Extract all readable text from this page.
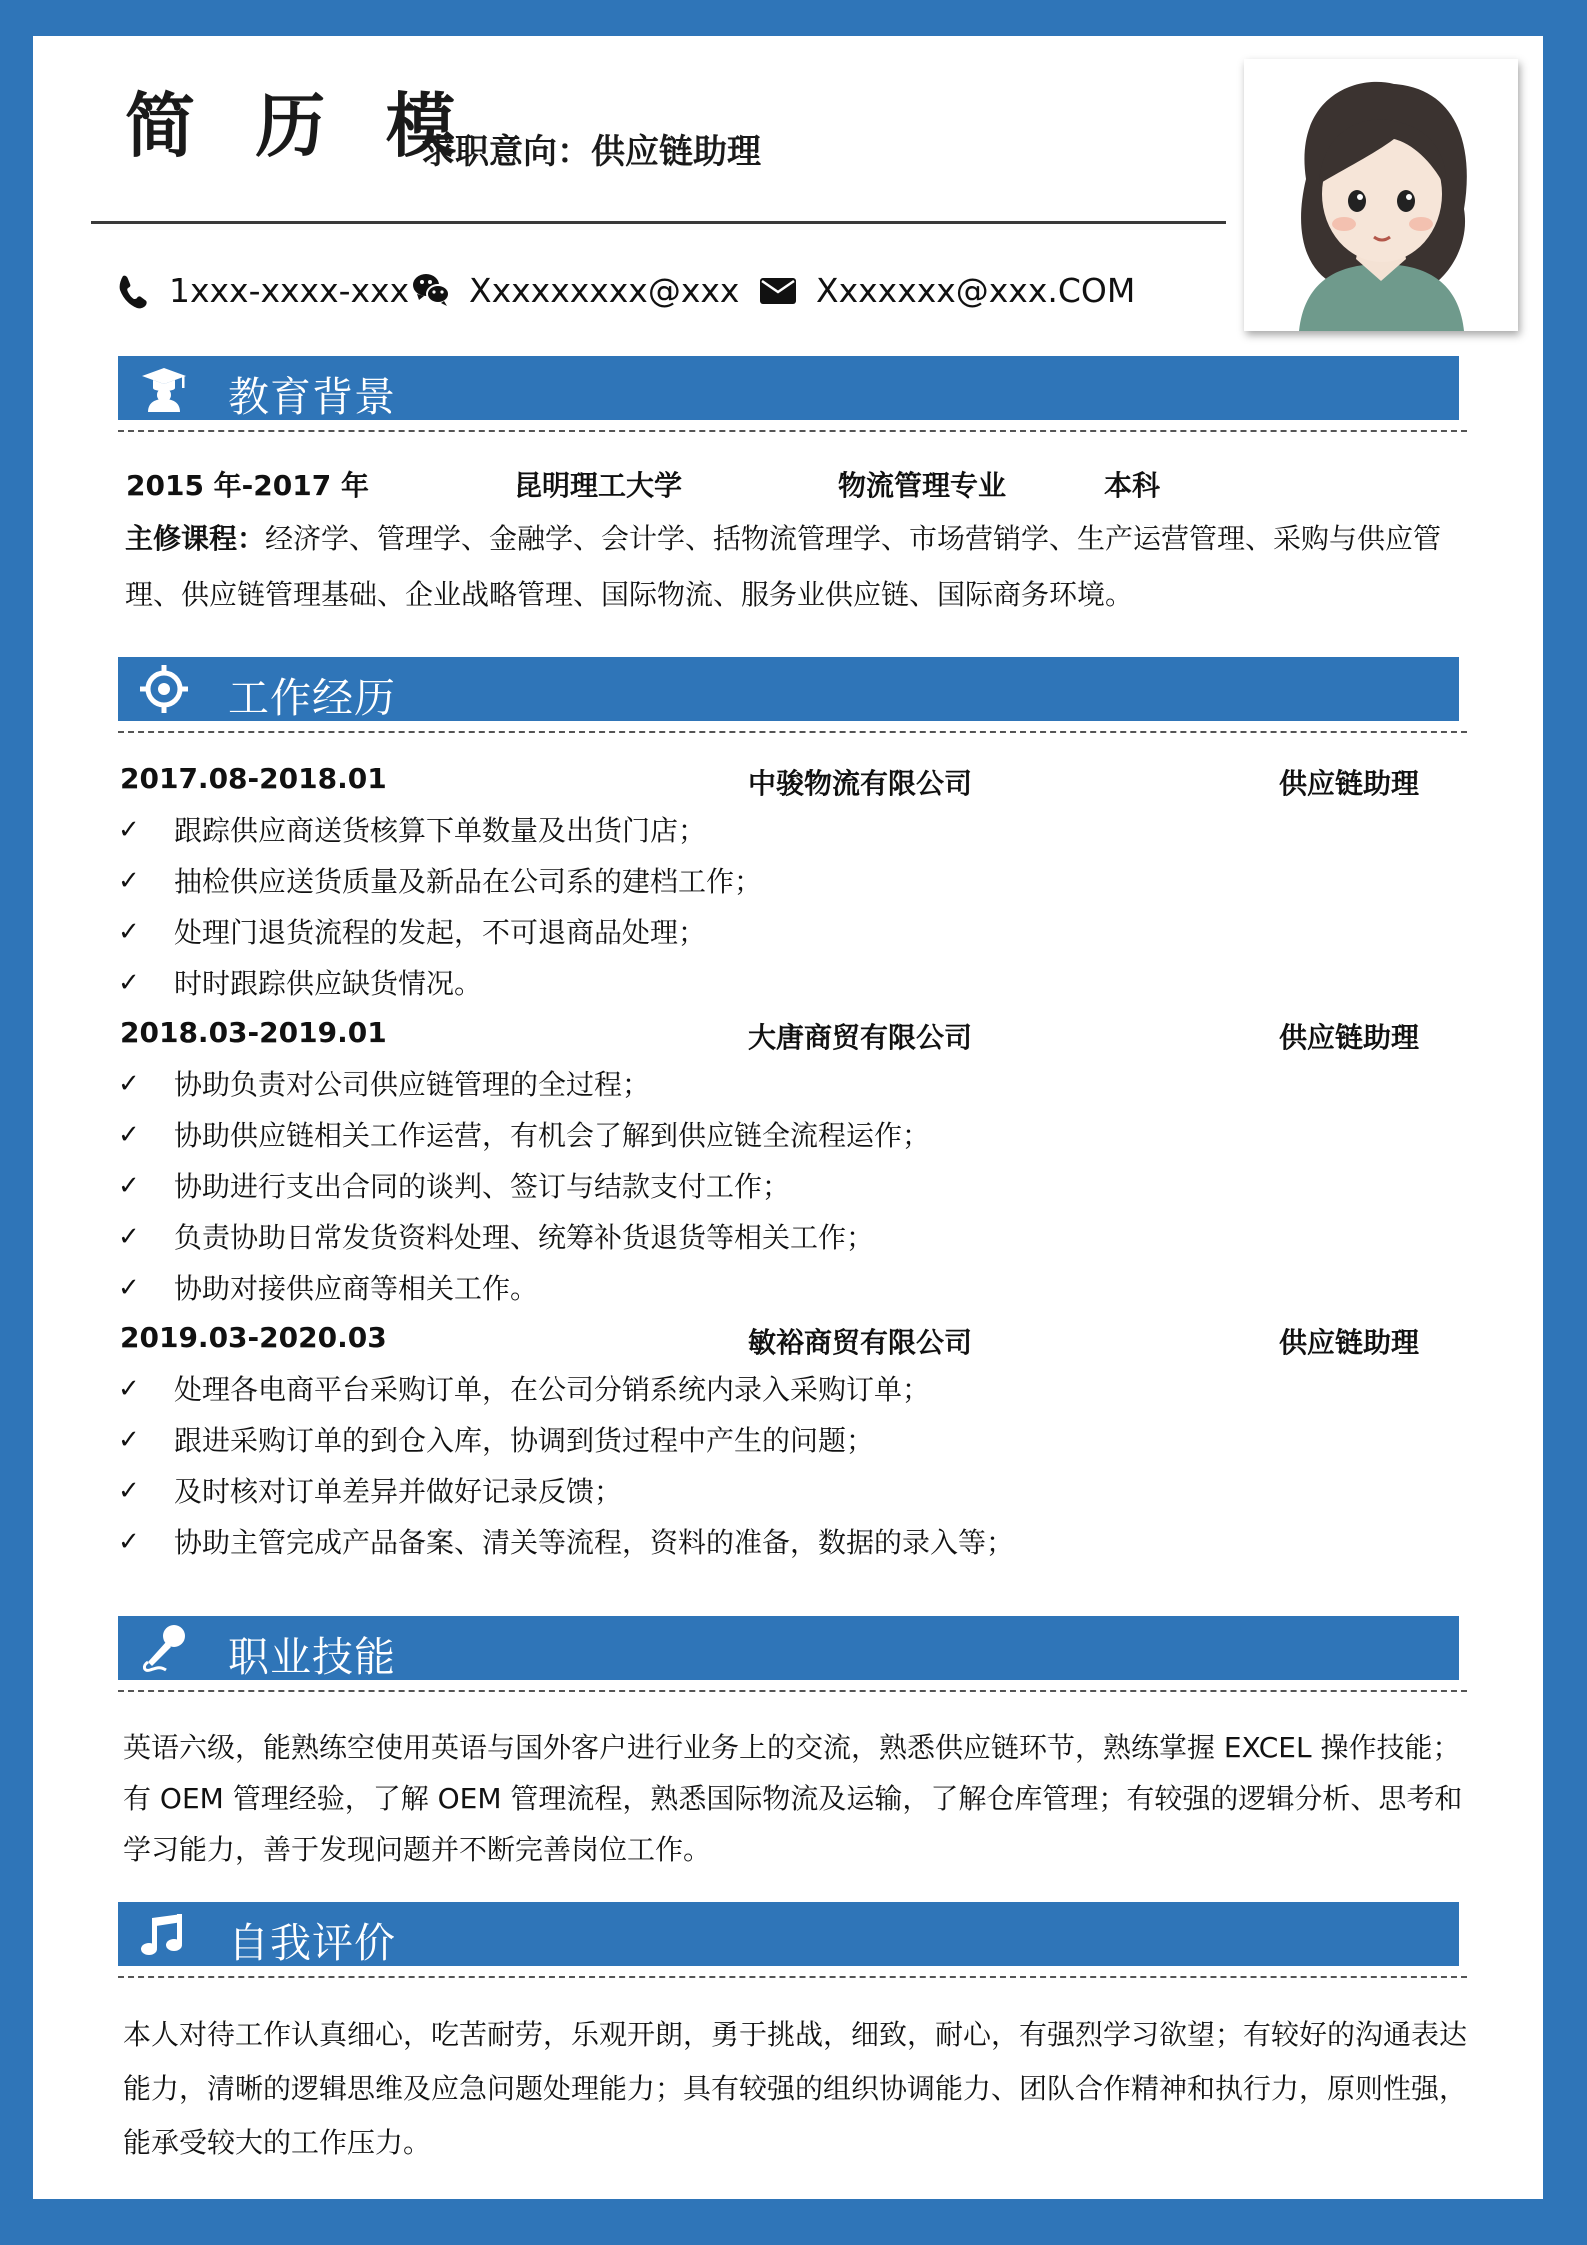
简 历 模
求职意向：供应链助理
1xxx-xxxx-xxx Xxxxxxxxx@xxx Xxxxxxx@xxx.COM
教育背景
2015 年-2017 年	昆明理工大学	物流管理专业	本科
主修课程：经济学、管理学、金融学、会计学、括物流管理学、市场营销学、生产运营管理、采购与供应管理、供应链管理基础、企业战略管理、国际物流、服务业供应链、国际商务环境。
工作经历
2017.08-2018.01	中骏物流有限公司	供应链助理
✓ 跟踪供应商送货核算下单数量及出货门店；
✓ 抽检供应送货质量及新品在公司系的建档工作；
✓ 处理门退货流程的发起，不可退商品处理；
✓ 时时跟踪供应缺货情况。
2018.03-2019.01	大唐商贸有限公司	供应链助理
✓ 协助负责对公司供应链管理的全过程；
✓ 协助供应链相关工作运营，有机会了解到供应链全流程运作；
✓ 协助进行支出合同的谈判、签订与结款支付工作；
✓ 负责协助日常发货资料处理、统筹补货退货等相关工作；
✓ 协助对接供应商等相关工作。
2019.03-2020.03	敏裕商贸有限公司	供应链助理
✓ 处理各电商平台采购订单，在公司分销系统内录入采购订单；
✓ 跟进采购订单的到仓入库，协调到货过程中产生的问题；
✓ 及时核对订单差异并做好记录反馈；
✓ 协助主管完成产品备案、清关等流程，资料的准备，数据的录入等；
职业技能
英语六级，能熟练空使用英语与国外客户进行业务上的交流，熟悉供应链环节，熟练掌握 EXCEL 操作技能；有 OEM 管理经验，了解 OEM 管理流程，熟悉国际物流及运输，了解仓库管理；有较强的逻辑分析、思考和学习能力，善于发现问题并不断完善岗位工作。
自我评价
本人对待工作认真细心，吃苦耐劳，乐观开朗，勇于挑战，细致，耐心，有强烈学习欲望；有较好的沟通表达能力，清晰的逻辑思维及应急问题处理能力；具有较强的组织协调能力、团队合作精神和执行力，原则性强，能承受较大的工作压力。
